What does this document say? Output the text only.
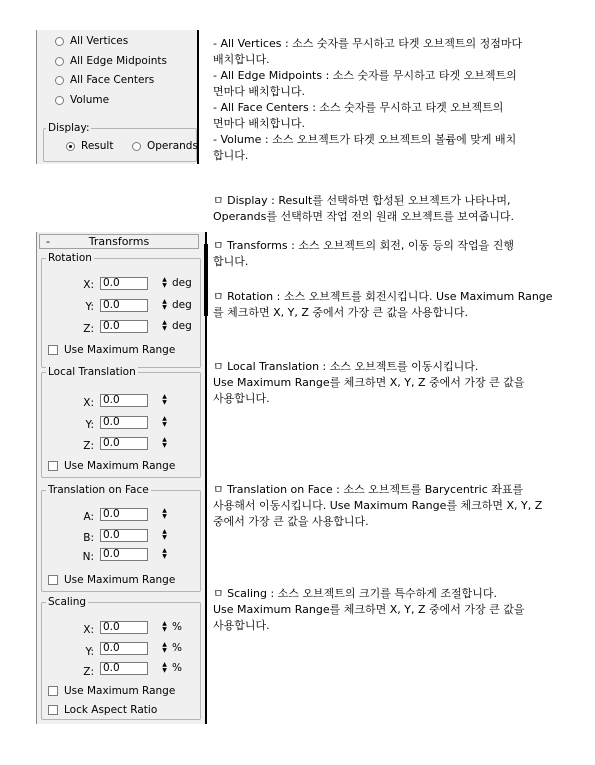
All Vertices
All Edge Midpoints
All Face Centers
Volume
Display:
Result	Operands
-	Transforms
Rotation
X: 0.0	▲
▼ deg
Y: 0.0	▲
▼ deg
Z: 0.0	▲
▼ deg
Use Maximum Range
Local Translation
X: 0.0	▲
▼
Y: 0.0	▲
▼
Z: 0.0	▲
▼
Use Maximum Range
Translation on Face
A: 0.0	▲
▼
B: 0.0	▲
▼
N: 0.0	▲
▼
Use Maximum Range
Scaling
X: 0.0	▲
▼ %
Y: 0.0	▲
▼ %
Z: 0.0	▲
▼ %
Use Maximum Range
Lock Aspect Ratio
- All Vertices : 소스 숫자를 무시하고 타겟 오브젝트의 정점마다
배치합니다.
- All Edge Midpoints : 소스 숫자를 무시하고 타겟 오브젝트의
면마다 배치합니다.
- All Face Centers : 소스 숫자를 무시하고 타겟 오브젝트의
면마다 배치합니다.
- Volume : 소스 오브젝트가 타겟 오브젝트의 볼륨에 맞게 배치
합니다.
ㅁ Display : Result를 선택하면 합성된 오브젝트가 나타나며,
Operands를 선택하면 작업 전의 원래 오브젝트를 보여줍니다.
ㅁ Transforms : 소스 오브젝트의 회전, 이동 등의 작업을 진행
합니다.
ㅁ Rotation : 소스 오브젝트를 회전시킵니다. Use Maximum Range
를 체크하면 X, Y, Z 중에서 가장 큰 값을 사용합니다.
ㅁ Local Translation : 소스 오브젝트를 이동시킵니다.
Use Maximum Range를 체크하면 X, Y, Z 중에서 가장 큰 값을
사용합니다.
ㅁ Translation on Face : 소스 오브젝트를 Barycentric 좌표를
사용해서 이동시킵니다. Use Maximum Range를 체크하면 X, Y, Z
중에서 가장 큰 값을 사용합니다.
ㅁ Scaling : 소스 오브젝트의 크기를 특수하게 조절합니다.
Use Maximum Range를 체크하면 X, Y, Z 중에서 가장 큰 값을
사용합니다.
